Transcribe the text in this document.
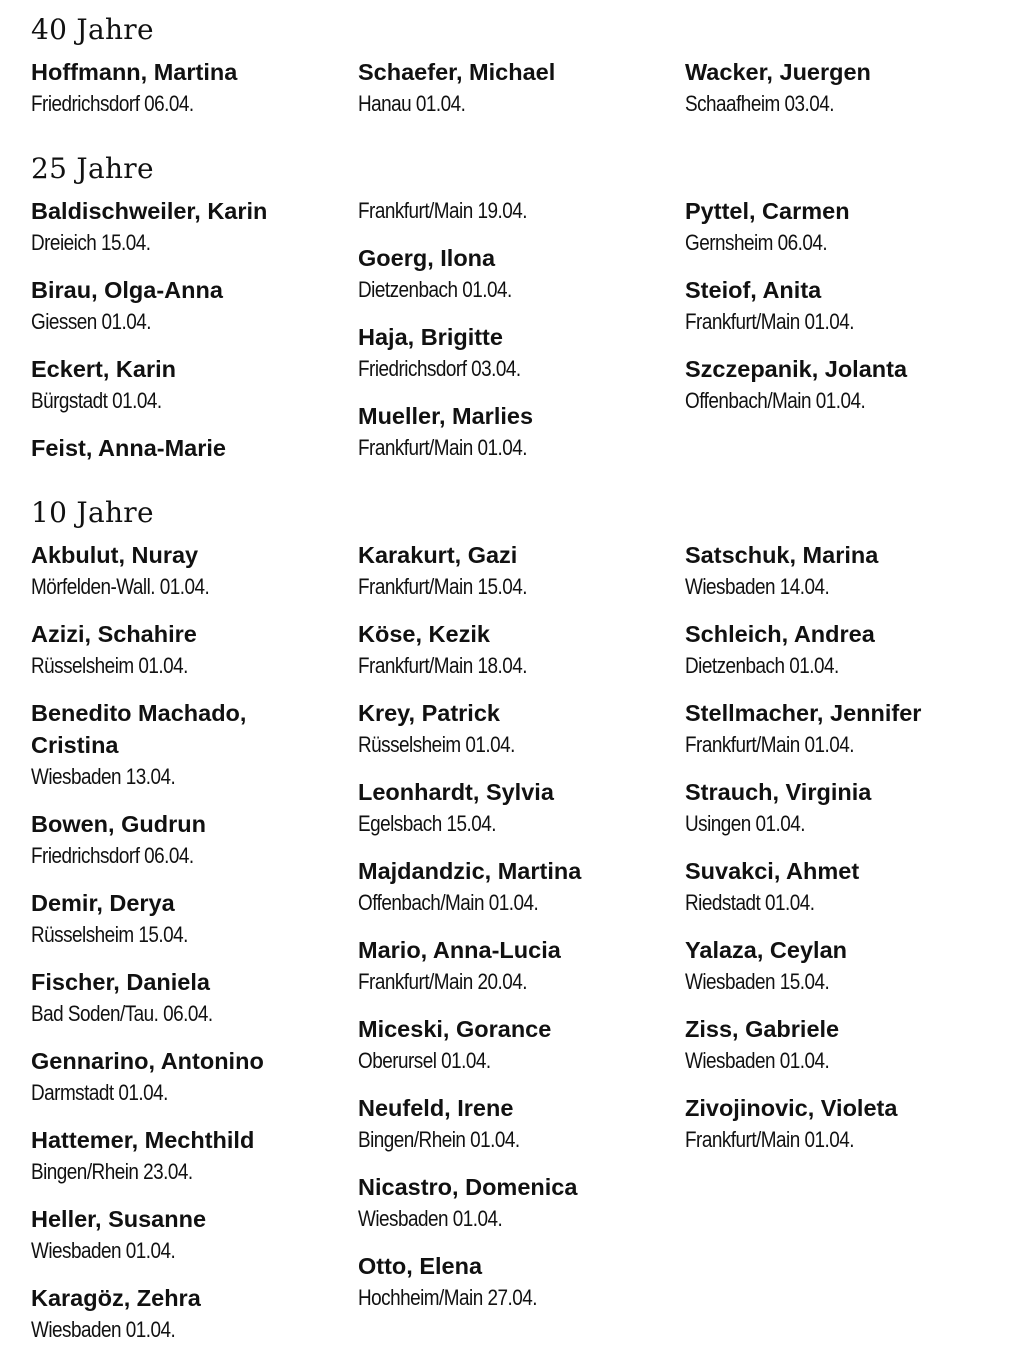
40 Jahre
Hoffmann, Martina
Friedrichsdorf 06.04.
Schaefer, Michael
Hanau 01.04.
Wacker, Juergen
Schaafheim 03.04.
25 Jahre
Baldischweiler, Karin
Dreieich 15.04.
Birau, Olga-Anna
Giessen 01.04.
Eckert, Karin
Bürgstadt 01.04.
Feist, Anna-Marie
Frankfurt/Main 19.04.
Goerg, Ilona
Dietzenbach 01.04.
Haja, Brigitte
Friedrichsdorf 03.04.
Mueller, Marlies
Frankfurt/Main 01.04.
Pyttel, Carmen
Gernsheim 06.04.
Steiof, Anita
Frankfurt/Main 01.04.
Szczepanik, Jolanta
Offenbach/Main 01.04.
10 Jahre
Akbulut, Nuray
Mörfelden-Wall. 01.04.
Azizi, Schahire
Rüsselsheim 01.04.
Benedito Machado, Cristina
Wiesbaden 13.04.
Bowen, Gudrun
Friedrichsdorf 06.04.
Demir, Derya
Rüsselsheim 15.04.
Fischer, Daniela
Bad Soden/Tau. 06.04.
Gennarino, Antonino
Darmstadt 01.04.
Hattemer, Mechthild
Bingen/Rhein 23.04.
Heller, Susanne
Wiesbaden 01.04.
Karagöz, Zehra
Wiesbaden 01.04.
Karakurt, Gazi
Frankfurt/Main 15.04.
Köse, Kezik
Frankfurt/Main 18.04.
Krey, Patrick
Rüsselsheim 01.04.
Leonhardt, Sylvia
Egelsbach 15.04.
Majdandzic, Martina
Offenbach/Main 01.04.
Mario, Anna-Lucia
Frankfurt/Main 20.04.
Miceski, Gorance
Oberursel 01.04.
Neufeld, Irene
Bingen/Rhein 01.04.
Nicastro, Domenica
Wiesbaden 01.04.
Otto, Elena
Hochheim/Main 27.04.
Satschuk, Marina
Wiesbaden 14.04.
Schleich, Andrea
Dietzenbach 01.04.
Stellmacher, Jennifer
Frankfurt/Main 01.04.
Strauch, Virginia
Usingen 01.04.
Suvakci, Ahmet
Riedstadt 01.04.
Yalaza, Ceylan
Wiesbaden 15.04.
Ziss, Gabriele
Wiesbaden 01.04.
Zivojinovic, Violeta
Frankfurt/Main 01.04.
